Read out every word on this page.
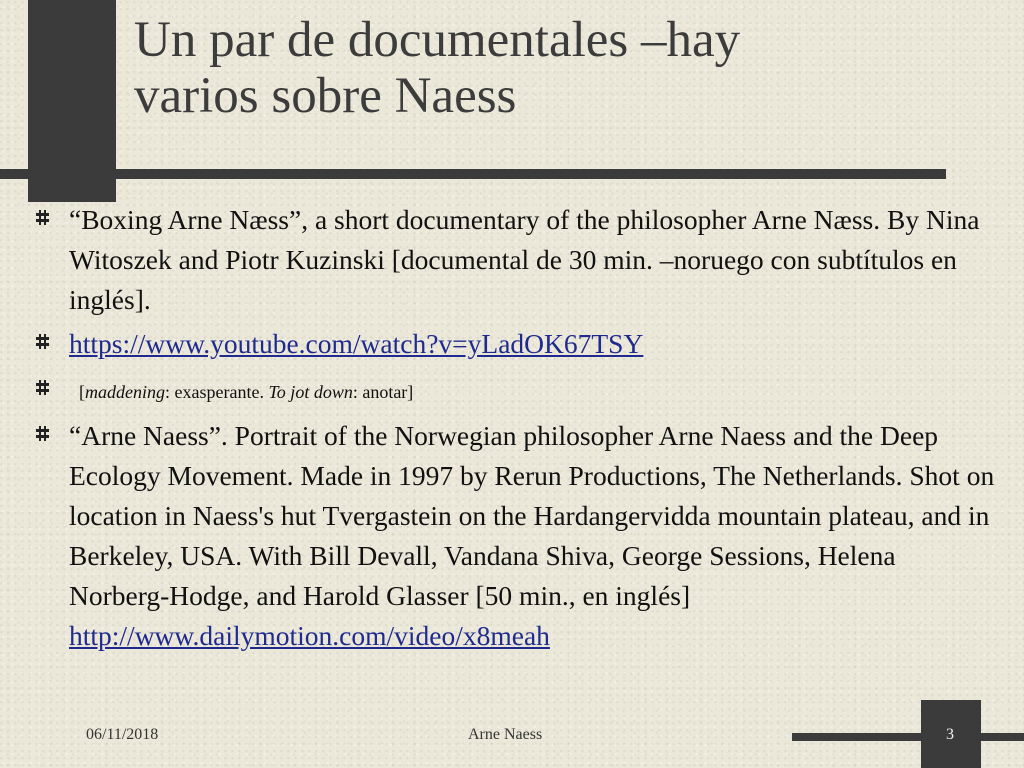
Un par de documentales –hay
varios sobre Naess
“Boxing Arne Næss”, a short documentary of the philosopher Arne Næss. By Nina Witoszek and Piotr Kuzinski [documental de 30 min. –noruego con subtítulos en inglés].
https://www.youtube.com/watch?v=yLadOK67TSY
[maddening: exasperante. To jot down: anotar]
“Arne Naess”. Portrait of the Norwegian philosopher Arne Naess and the Deep Ecology Movement. Made in 1997 by Rerun Productions, The Netherlands. Shot on location in Naess's hut Tvergastein on the Hardangervidda mountain plateau, and in Berkeley, USA. With Bill Devall, Vandana Shiva, George Sessions, Helena Norberg-Hodge, and Harold Glasser [50 min., en inglés] http://www.dailymotion.com/video/x8meah
06/11/2018	Arne Naess	3
